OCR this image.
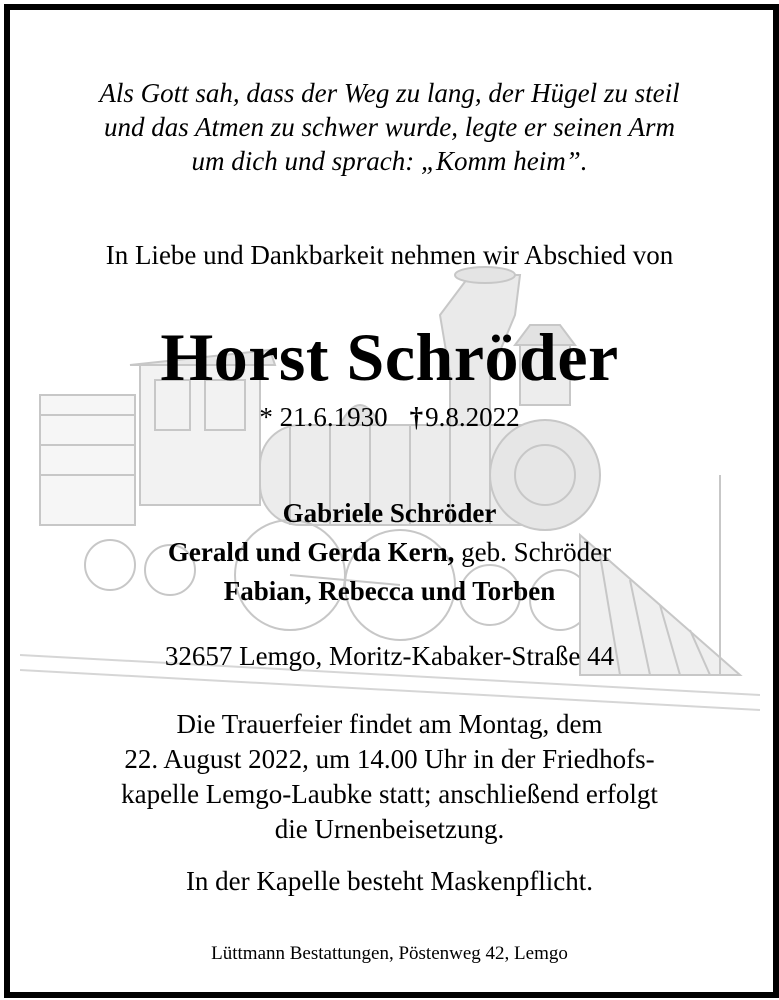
Als Gott sah, dass der Weg zu lang, der Hügel zu steil
und das Atmen zu schwer wurde, legte er seinen Arm
um dich und sprach: „Komm heim”.
In Liebe und Dankbarkeit nehmen wir Abschied von
Horst Schröder
* 21.6.1930 †9.8.2022
Gabriele Schröder
Gerald und Gerda Kern, geb. Schröder
Fabian, Rebecca und Torben
32657 Lemgo, Moritz-Kabaker-Straße 44
Die Trauerfeier findet am Montag, dem
22. August 2022, um 14.00 Uhr in der Friedhofs-
kapelle Lemgo-Laubke statt; anschließend erfolgt
die Urnenbeisetzung.
In der Kapelle besteht Maskenpflicht.
Lüttmann Bestattungen, Pöstenweg 42, Lemgo
